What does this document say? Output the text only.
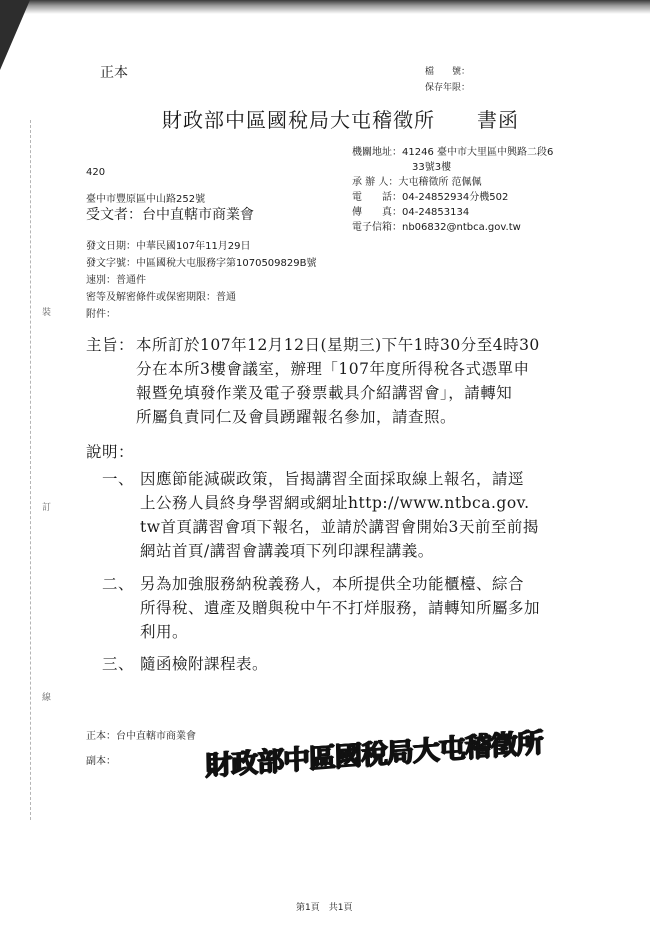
裝
訂
線
正本	檔　　號：
保存年限：
財政部中區國稅局大屯稽徵所　　書函
機關地址：41246 臺中市大里區中興路二段6
33號3樓
承 辦 人：大屯稽徵所 范佩佩
電　　話：04-24852934分機502
傳　　真：04-24853134
電子信箱：nb06832@ntbca.gov.tw
420
臺中市豐原區中山路252號
受文者：台中直轄市商業會
發文日期：中華民國107年11月29日
發文字號：中區國稅大屯服務字第1070509829B號
速別：普通件
密等及解密條件或保密期限：普通
附件：
主旨： 本所訂於107年12月12日(星期三)下午1時30分至4時30
分在本所3樓會議室，辦理「107年度所得稅各式憑單申
報暨免填發作業及電子發票載具介紹講習會」，請轉知
所屬負責同仁及會員踴躍報名參加，請查照。
說明：
一、 因應節能減碳政策，旨揭講習全面採取線上報名，請逕
上公務人員終身學習網或網址http://www.ntbca.gov.
tw首頁講習會項下報名，並請於講習會開始3天前至前揭
網站首頁/講習會講義項下列印課程講義。
二、 另為加強服務納稅義務人，本所提供全功能櫃檯、綜合
所得稅、遺產及贈與稅中午不打烊服務，請轉知所屬多加
利用。
三、 隨函檢附課程表。
正本：台中直轄市商業會
副本：	財政部中區國稅局大屯稽徵所
第1頁　共1頁
